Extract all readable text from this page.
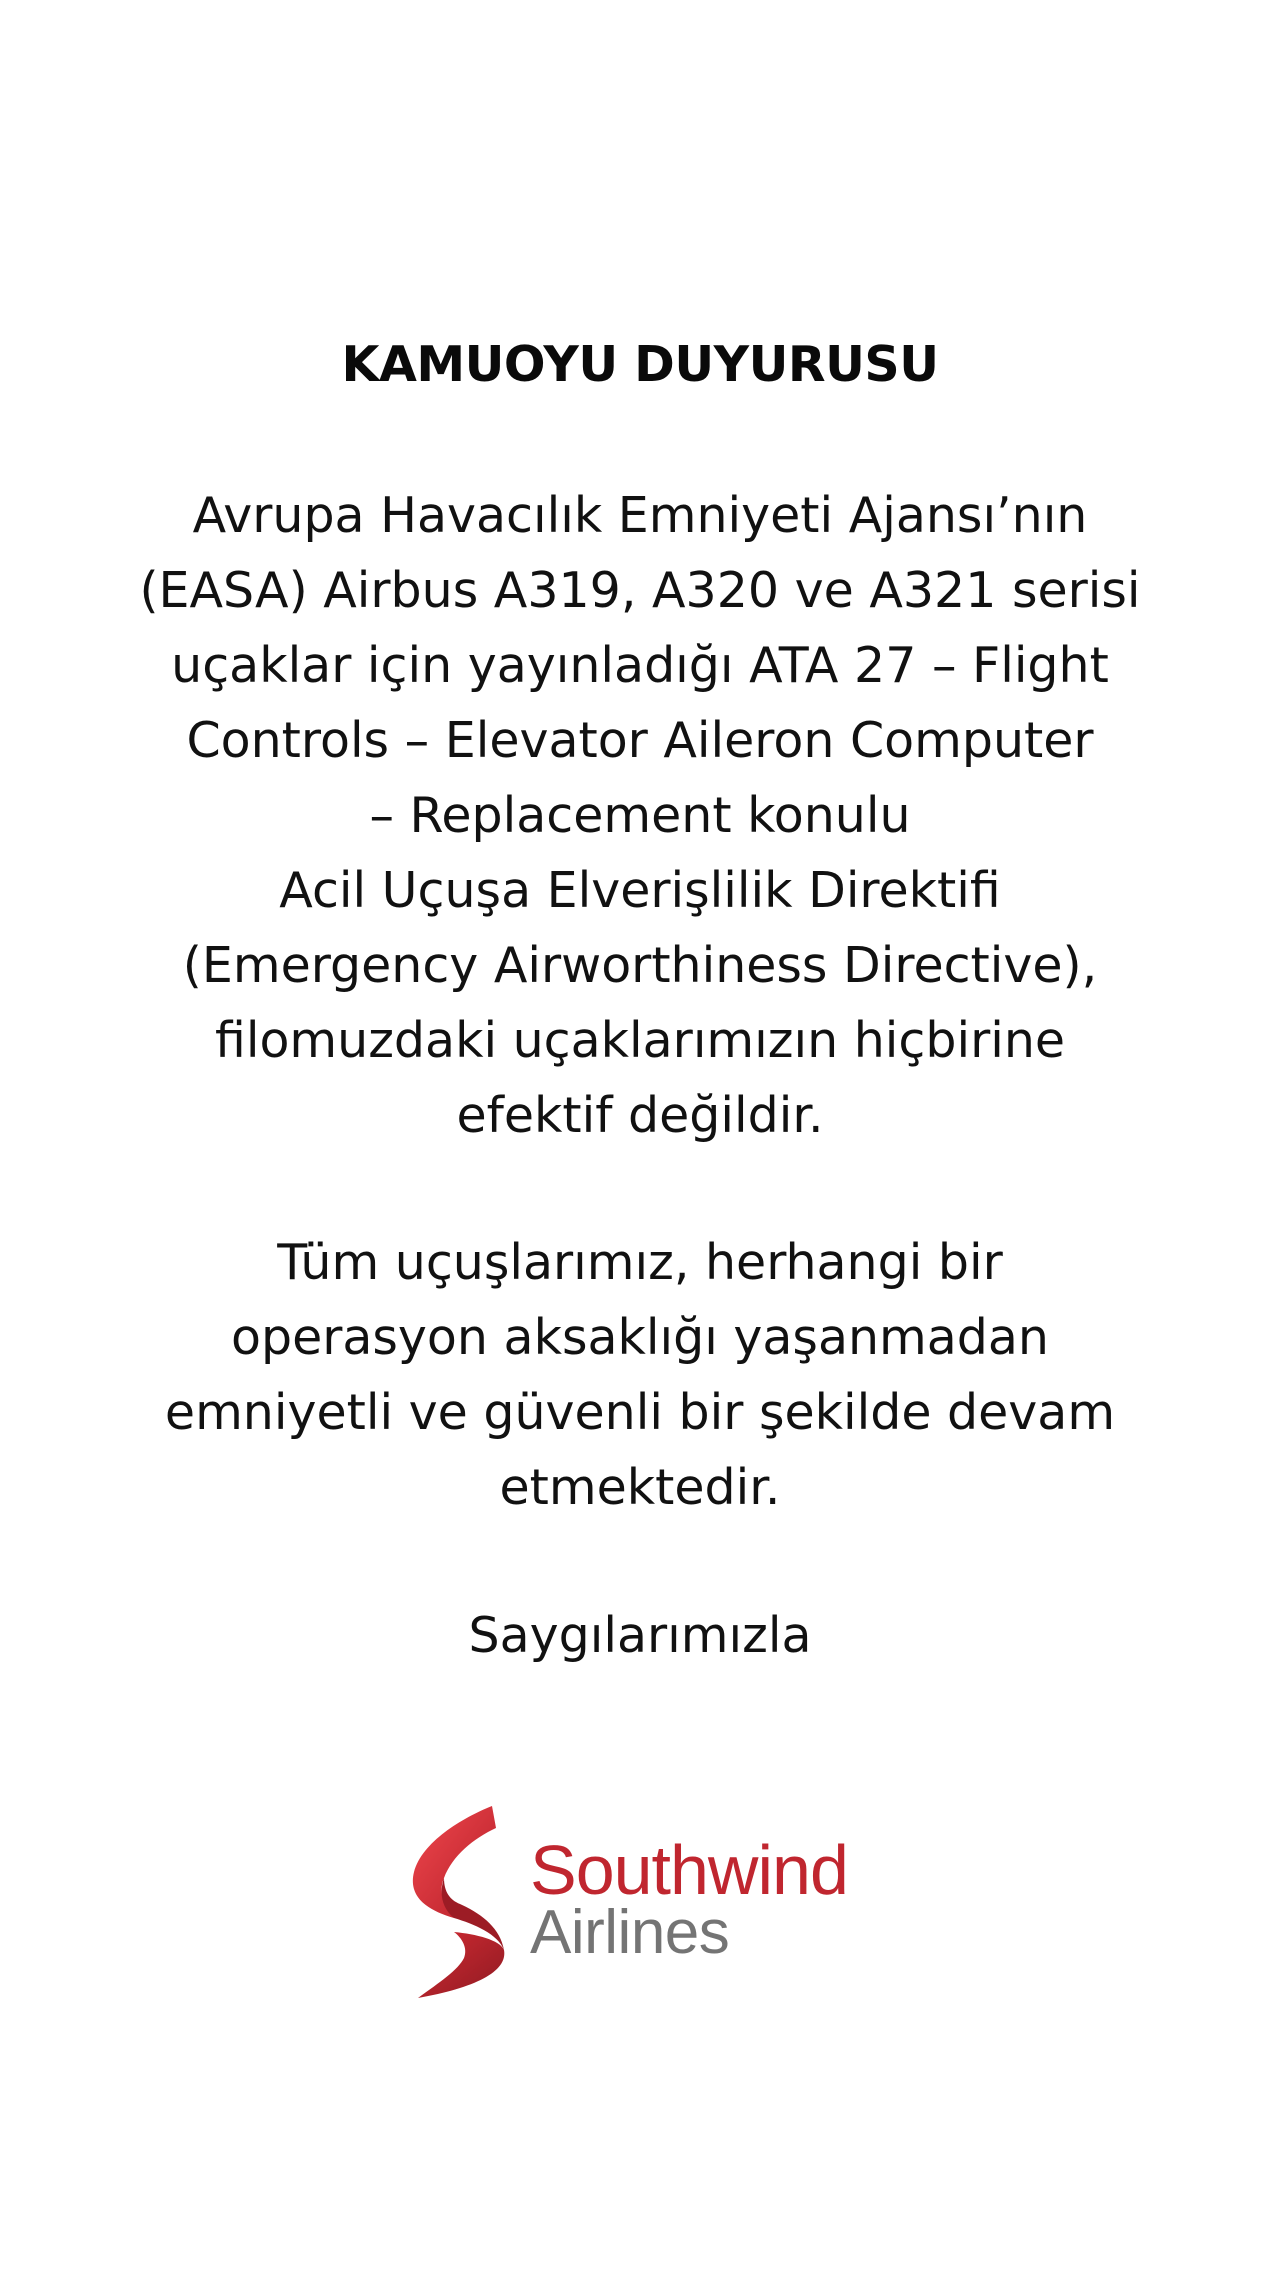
KAMUOYU DUYURUSU
Avrupa Havacılık Emniyeti Ajansı’nın
(EASA) Airbus A319, A320 ve A321 serisi
uçaklar için yayınladığı ATA 27 – Flight
Controls – Elevator Aileron Computer
– Replacement konulu
Acil Uçuşa Elverişlilik Direktifi
(Emergency Airworthiness Directive),
filomuzdaki uçaklarımızın hiçbirine
efektif değildir.
Tüm uçuşlarımız, herhangi bir
operasyon aksaklığı yaşanmadan
emniyetli ve güvenli bir şekilde devam
etmektedir.
Saygılarımızla
Southwind
Airlines
